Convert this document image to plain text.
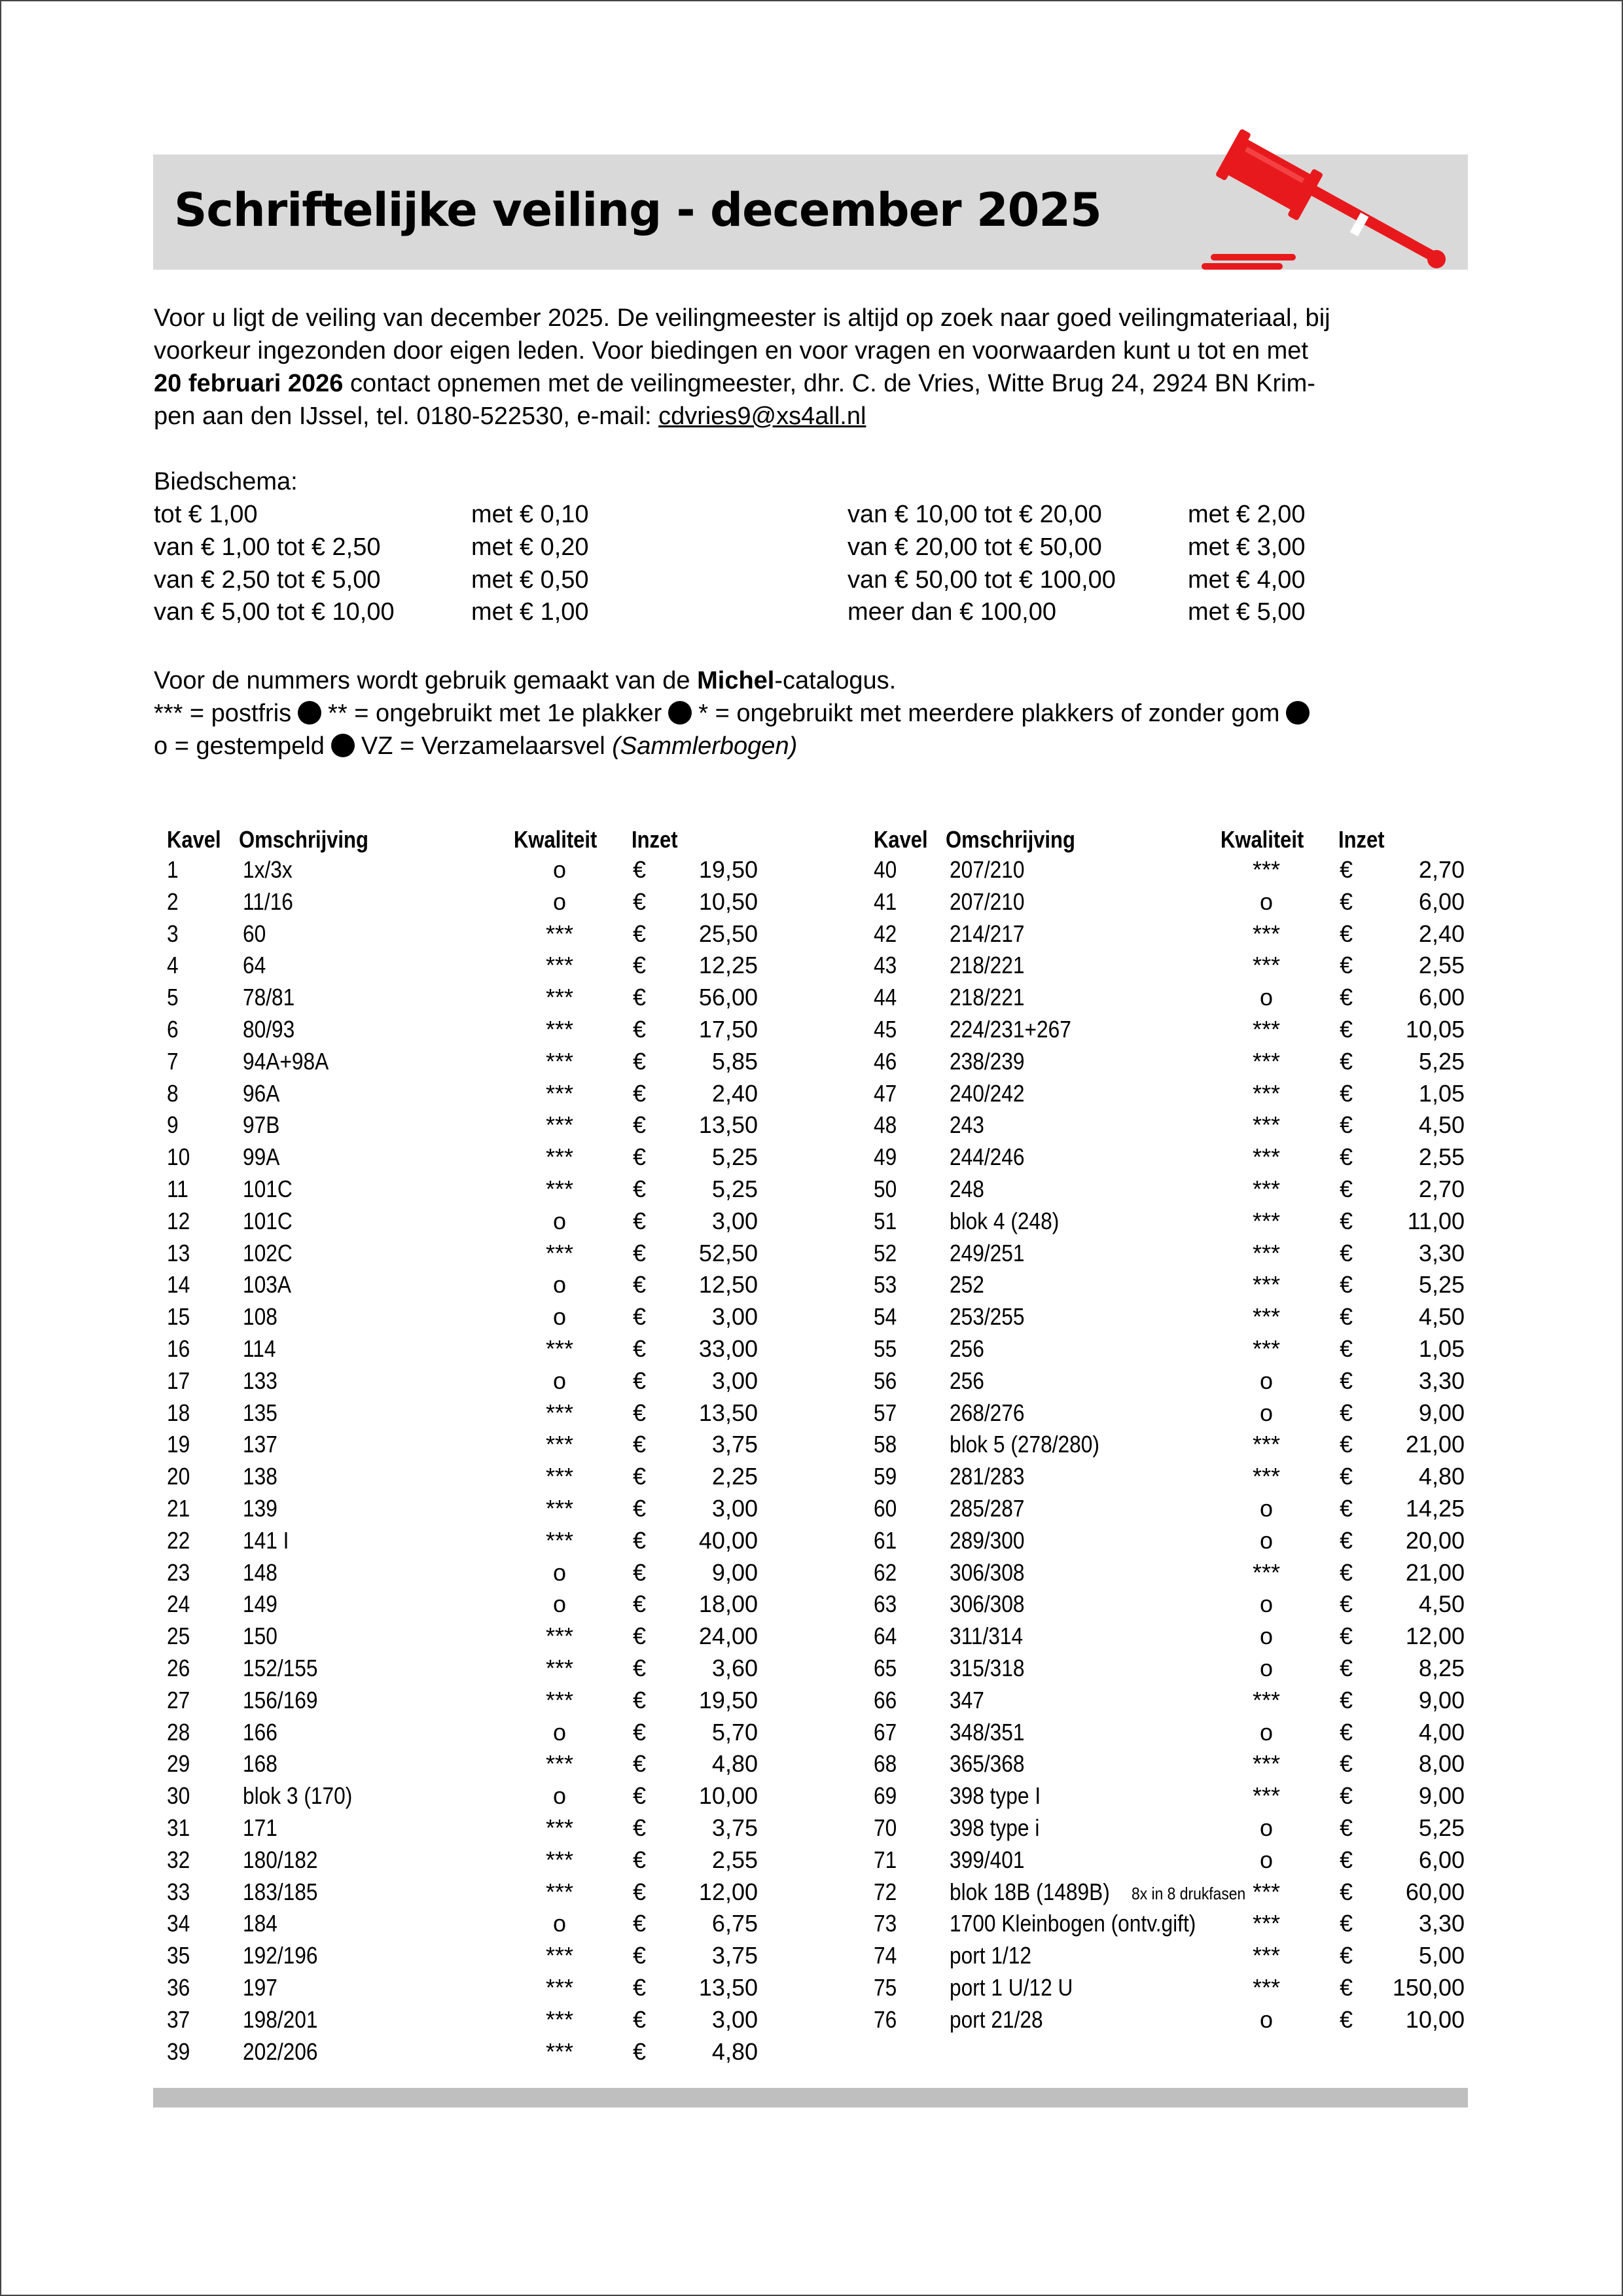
Schriftelijke veiling - december 2025

Voor u ligt de veiling van december 2025. De veilingmeester is altijd op zoek naar goed veilingmateriaal, bij

voorkeur ingezonden door eigen leden. Voor biedingen en voor vragen en voorwaarden kunt u tot en met

20 februari 2026 contact opnemen met de veilingmeester, dhr. C. de Vries, Witte Brug 24, 2924 BN Krim-

pen aan den IJssel, tel. 0180-522530, e-mail: cdvries9@xs4all.nl

Biedschema:
tot € 1,00	met € 0,10
van € 1,00 tot € 2,50	met € 0,20
van € 2,50 tot € 5,00	met € 0,50
van € 5,00 tot € 10,00	met € 1,00
van € 10,00 tot € 20,00	met € 2,00
van € 20,00 tot € 50,00	met € 3,00
van € 50,00 tot € 100,00	met € 4,00
meer dan € 100,00	met € 5,00
Voor de nummers wordt gebruik gemaakt van de Michel-catalogus.
*** = postfris ** = ongebruikt met 1e plakker * = ongebruikt met meerdere plakkers of zonder gom
o = gestempeld VZ = Verzamelaarsvel (Sammlerbogen)
Kavel Omschrijving	Kwaliteit Inzet
1	1x/3x	o	€	19,50
2	11/16	o	€	10,50
3	60	***	€	25,50
4	64	***	€	12,25
5	78/81	***	€	56,00
6	80/93	***	€	17,50
7	94A+98A	***	€	5,85
8	96A	***	€	2,40
9	97B	***	€	13,50
10 99A	***	€	5,25
11 101C	***	€	5,25
12 101C	o	€	3,00
13 102C	***	€	52,50
14 103A	o	€	12,50
15 108	o	€	3,00
16 114	***	€	33,00
17 133	o	€	3,00
18 135	***	€	13,50
19 137	***	€	3,75
20 138	***	€	2,25
21 139	***	€	3,00
22 141 I	***	€	40,00
23 148	o	€	9,00
24 149	o	€	18,00
25 150	***	€	24,00
26 152/155	***	€	3,60
27 156/169	***	€	19,50
28 166	o	€	5,70
29 168	***	€	4,80
30 blok 3 (170)	o	€	10,00
31 171	***	€	3,75
32 180/182	***	€	2,55
33 183/185	***	€	12,00
34 184	o	€	6,75
35 192/196	***	€	3,75
36 197	***	€	13,50
37 198/201	***	€	3,00
39 202/206	***	€	4,80
Kavel Omschrijving	Kwaliteit Inzet
40 207/210	***	€	2,70
41 207/210	o	€	6,00
42 214/217	***	€	2,40
43 218/221	***	€	2,55
44 218/221	o	€	6,00
45 224/231+267	***	€	10,05
46 238/239	***	€	5,25
47 240/242	***	€	1,05
48 243	***	€	4,50
49 244/246	***	€	2,55
50 248	***	€	2,70
51 blok 4 (248)	***	€	11,00
52 249/251	***	€	3,30
53 252	***	€	5,25
54 253/255	***	€	4,50
55 256	***	€	1,05
56 256	o	€	3,30
57 268/276	o	€	9,00
58 blok 5 (278/280)	***	€	21,00
59 281/283	***	€	4,80
60 285/287	o	€	14,25
61 289/300	o	€	20,00
62 306/308	***	€	21,00
63 306/308	o	€	4,50
64 311/314	o	€	12,00
65 315/318	o	€	8,25
66 347	***	€	9,00
67 348/351	o	€	4,00
68 365/368	***	€	8,00
69 398 type I	***	€	9,00
70 398 type i	o	€	5,25
71 399/401	o	€	6,00
72 blok 18B (1489B) 8x in 8 drukfasen ***	€	60,00
73 1700 Kleinbogen (ontv.gift)	***	€	3,30
74 port 1/12	***	€	5,00
75 port 1 U/12 U	***	€	150,00
76 port 21/28	o	€	10,00
